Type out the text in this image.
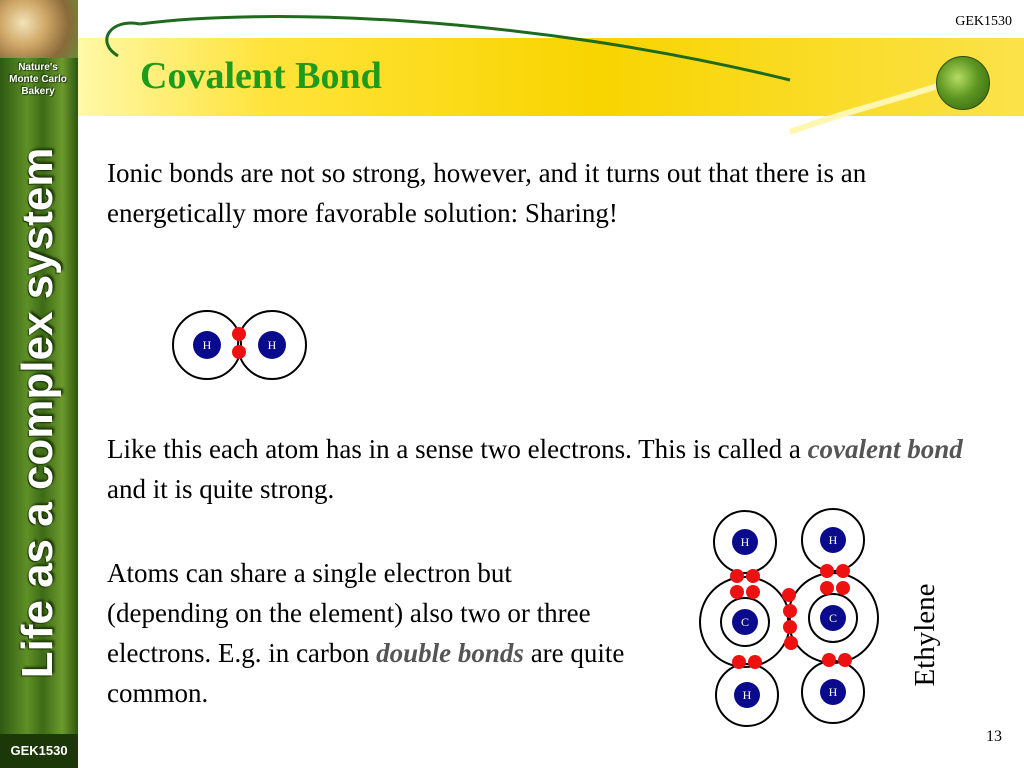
Nature's
Monte Carlo
Bakery
Life as a complex system
GEK1530
GEK1530
Covalent Bond
Ionic bonds are not so strong, however, and it turns out that there is an energetically more favorable solution: Sharing!
Like this each atom has in a sense two electrons. This is called a covalent bond and it is quite strong.
Atoms can share a single electron but (depending on the element) also two or three electrons. E.g. in carbon double bonds are quite common.
H	H
H	H
C	C
H	H
Ethylene
13
